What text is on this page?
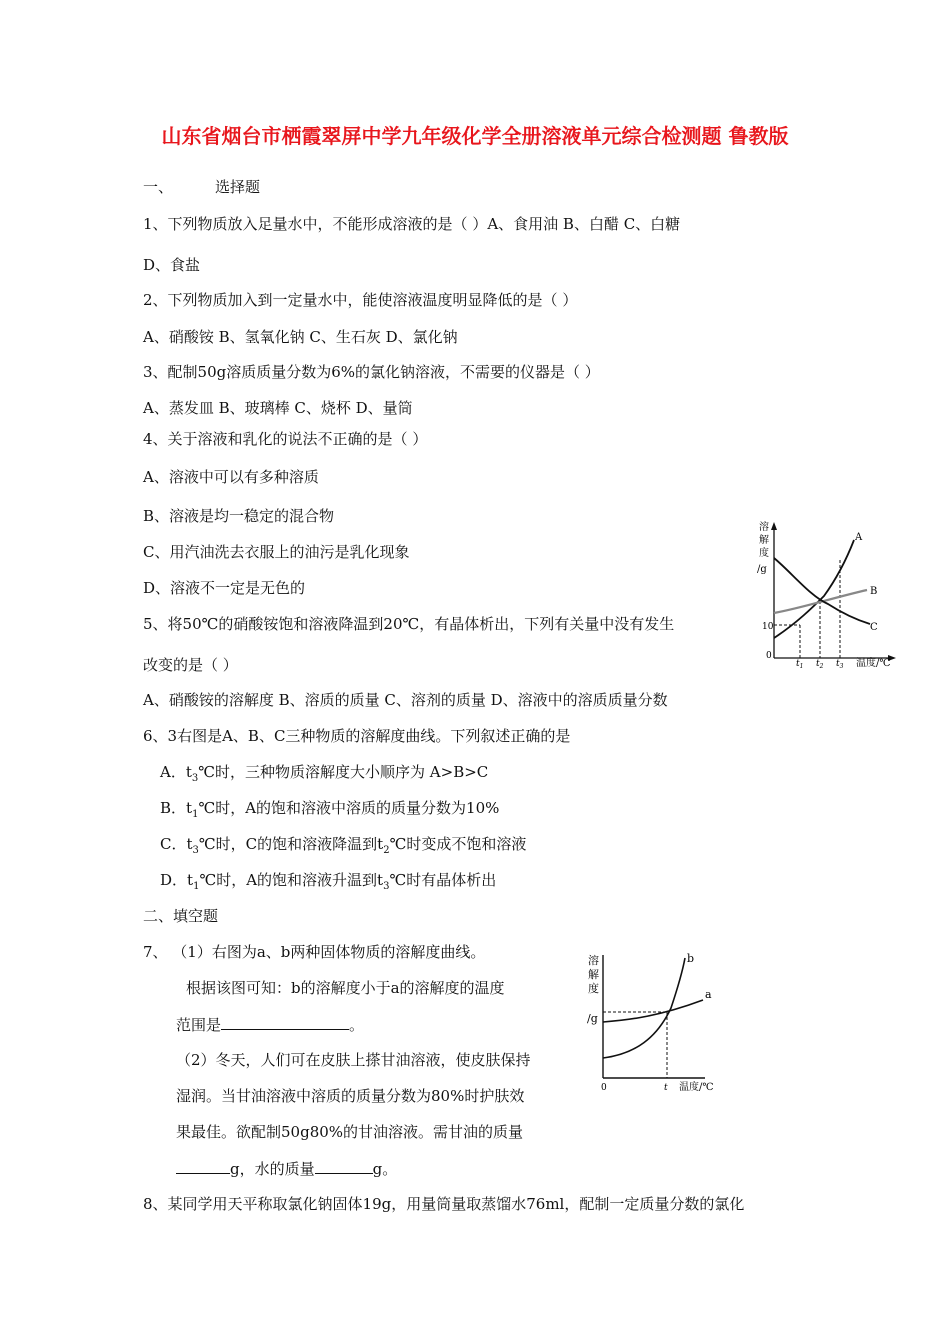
山东省烟台市栖霞翠屏中学九年级化学全册溶液单元综合检测题 鲁教版
一、	选择题
1、下列物质放入足量水中，不能形成溶液的是（ ）A、食用油 B、白醋 C、白糖
D、食盐
2、下列物质加入到一定量水中，能使溶液温度明显降低的是（ ）
A、硝酸铵 B、氢氧化钠 C、生石灰 D、氯化钠
3、配制50g溶质质量分数为6%的氯化钠溶液，不需要的仪器是（ ）
A、蒸发皿 B、玻璃棒 C、烧杯 D、量筒
4、关于溶液和乳化的说法不正确的是（ ）
A、溶液中可以有多种溶质
B、溶液是均一稳定的混合物
C、用汽油洗去衣服上的油污是乳化现象
D、溶液不一定是无色的
5、将50℃的硝酸铵饱和溶液降温到20℃，有晶体析出，下列有关量中没有发生
改变的是（ ）
A、硝酸铵的溶解度 B、溶质的质量 C、溶剂的质量 D、溶液中的溶质质量分数
6、3右图是A、B、C三种物质的溶解度曲线。下列叙述正确的是
A．$t_3℃$时，三种物质溶解度大小顺序为 A>B>C
B．$t_1℃$时，A的饱和溶液中溶质的质量分数为10%
C．$t_3℃$时，C的饱和溶液降温到$t_2℃$时变成不饱和溶液
D．$t_1℃$时，A的饱和溶液升温到$t_3℃$时有晶体析出
二、填空题
7、 （1）右图为a、b两种固体物质的溶解度曲线。
根据该图可知：b的溶解度小于a的溶解度的温度
范围是	。
（2）冬天，人们可在皮肤上搽甘油溶液，使皮肤保持
湿润。当甘油溶液中溶质的质量分数为80%时护肤效
果最佳。欲配制50g80%的甘油溶液。需甘油的质量
g，水的质量	g。
8、某同学用天平称取氯化钠固体19g，用量筒量取蒸馏水76ml，配制一定质量分数的氯化
溶
解
度
/g
10
0
A
B
C
$t_1$ $t_2$ $t_3$ 温度/℃
溶
解
度
/g
0
b
a
t 温度/℃
